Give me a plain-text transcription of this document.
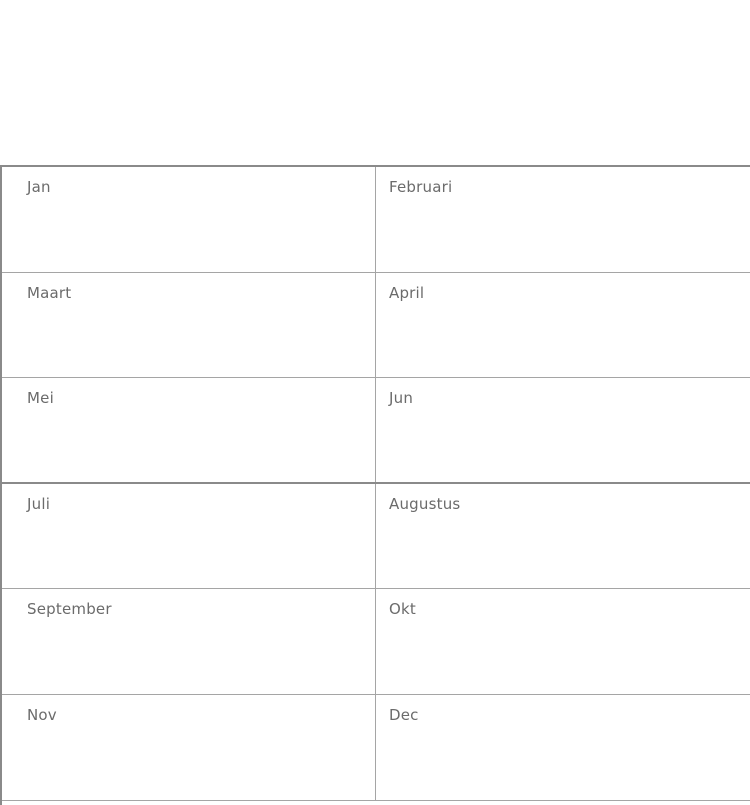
Jan	Februari
Maart	April
Mei	Jun
Juli	Augustus
September	Okt
Nov	Dec
